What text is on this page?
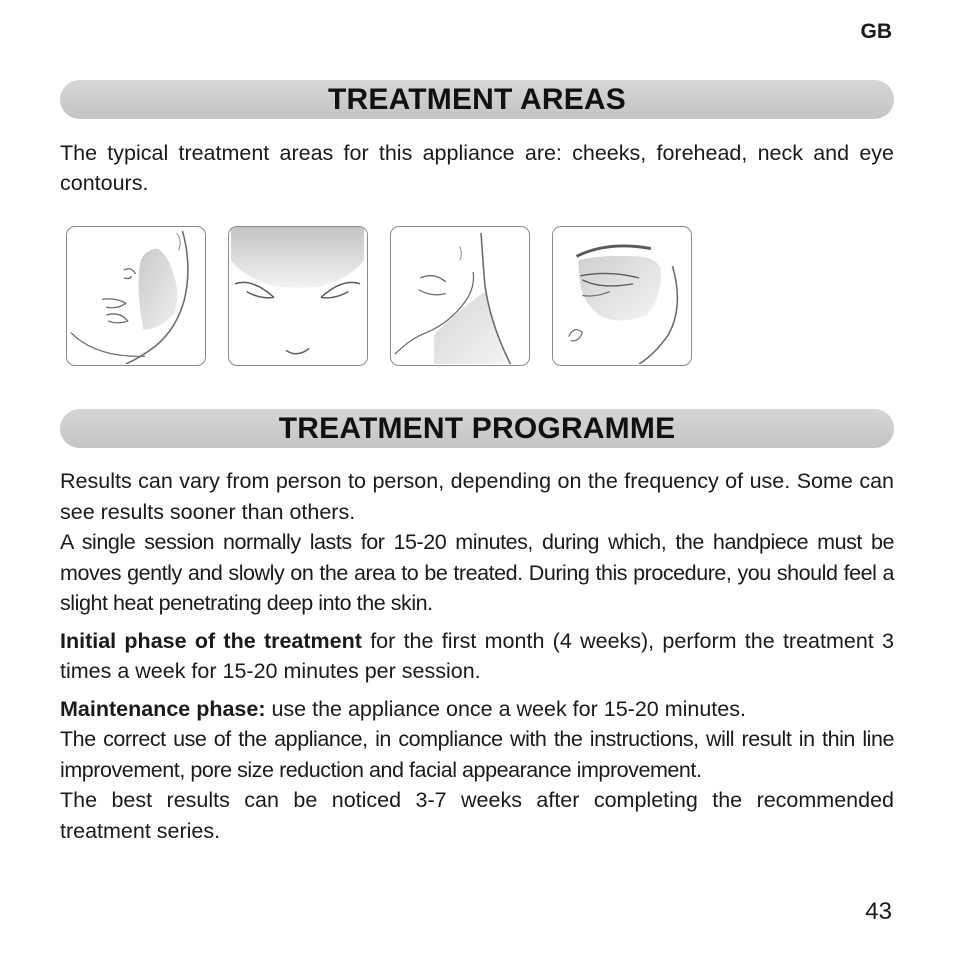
GB
TREATMENT AREAS

The typical treatment areas for this appliance are: cheeks, forehead, neck and eye contours.

TREATMENT PROGRAMME

Results can vary from person to person, depending on the frequency of use. Some can see results sooner than others.

A single session normally lasts for 15-20 minutes, during which, the handpiece must be moves gently and slowly on the area to be treated. During this procedure, you should feel a slight heat penetrating deep into the skin.

Initial phase of the treatment for the first month (4 weeks), perform the treatment 3 times a week for 15-20 minutes per session.

Maintenance phase: use the appliance once a week for 15-20 minutes.

The correct use of the appliance, in compliance with the instructions, will result in thin line improvement, pore size reduction and facial appearance improvement.

The best results can be noticed 3-7 weeks after completing the recommended treatment series.

43
